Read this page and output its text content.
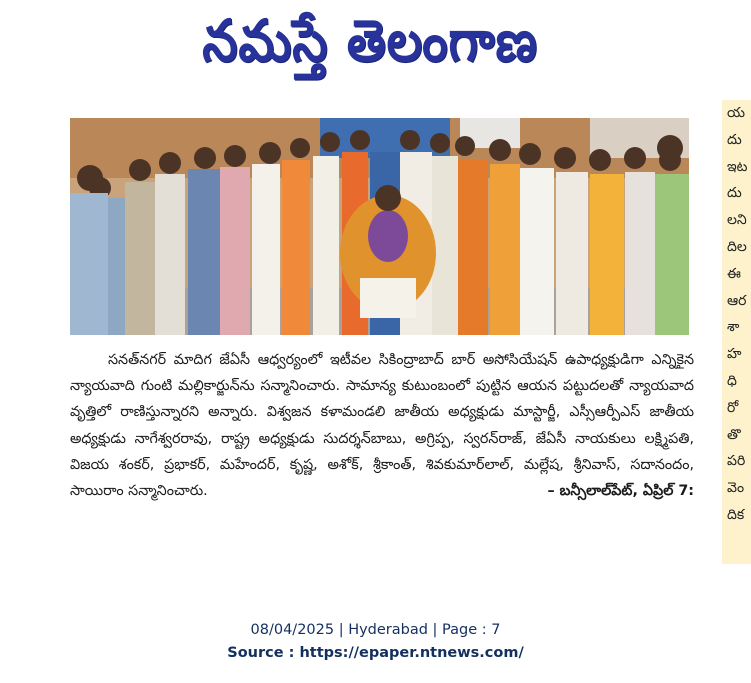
నమస్తే తెలంగాణ

సనత్‌నగర్ మాదిగ జేఏసీ ఆధ్వర్యంలో ఇటీవల సికింద్రాబాద్ బార్ అసోసియేషన్ ఉపాధ్యక్షుడిగా ఎన్నికైన న్యాయవాది గుంటి మల్లికార్జున్‌ను సన్మానించారు. సామాన్య కుటుంబంలో పుట్టిన ఆయన పట్టుదలతో న్యాయవాద వృత్తిలో రాణిస్తున్నారని అన్నారు. విశ్వజన కళామండలి జాతీయ అధ్యక్షుడు మాస్టార్జీ, ఎస్సీఆర్పీఎస్ జాతీయ అధ్యక్షుడు నాగేశ్వరరావు, రాష్ట్ర అధ్యక్షుడు సుదర్శన్‌బాబు, అగ్రిప్ప, స్వరన్‌రాజ్, జేఏసీ నాయకులు లక్ష్మిపతి, విజయ శంకర్, ప్రభాకర్, మహేందర్, కృష్ణ, అశోక్, శ్రీకాంత్, శివకుమార్‌లాల్, మల్లేష, శ్రీనివాస్, సదానందం, సాయిరాం సన్మానించారు.	– బన్సీలాల్‌పేట్, ఏప్రిల్ 7:

య
దు
ఇట
దు
లని
దిల
ఈ
ఆర
శా
హ
ధి
రో
తొ
పరి
వెం
దిక
08/04/2025 | Hyderabad | Page : 7
Source : https://epaper.ntnews.com/
